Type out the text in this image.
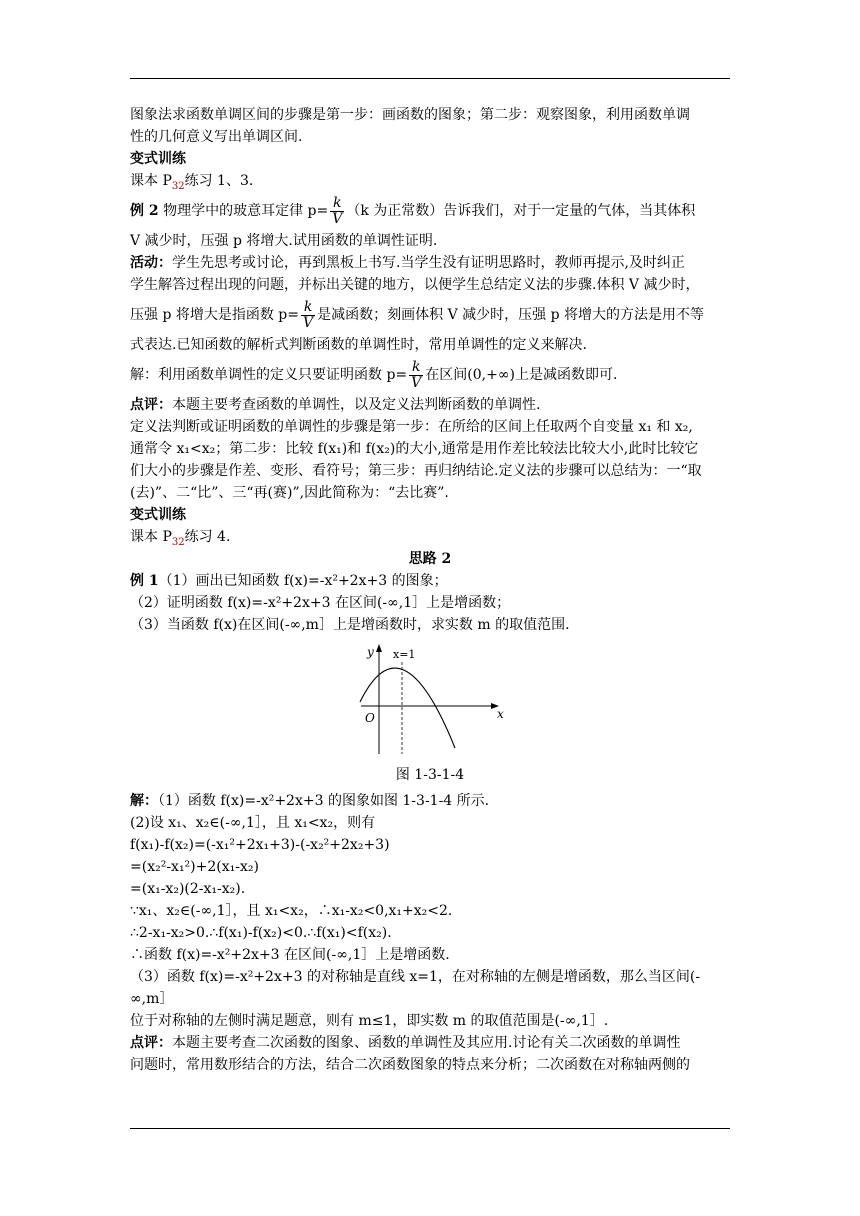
图象法求函数单调区间的步骤是第一步：画函数的图象；第二步：观察图象，利用函数单调

性的几何意义写出单调区间.

变式训练

课本 $P_{32}$练习 1、3.

例 2 物理学中的玻意耳定律 $p= \frac{k}{V} (k$ 为正常数）告诉我们，对于一定量的气体，当其体积

V 减少时，压强 p 将增大.试用函数的单调性证明.

活动：学生先思考或讨论，再到黑板上书写.当学生没有证明思路时，教师再提示,及时纠正

学生解答过程出现的问题，并标出关键的地方，以便学生总结定义法的步骤.体积 V 减少时，

压强 p 将增大是指函数 $p= \frac{k}{V}$ 是减函数；刻画体积 V 减少时，压强 p 将增大的方法是用不等

式表达.已知函数的解析式判断函数的单调性时，常用单调性的定义来解决.

解：利用函数单调性的定义只要证明函数 $p= \frac{k}{V}$ 在区间(0,+∞)上是减函数即可.

点评：本题主要考查函数的单调性，以及定义法判断函数的单调性.

定义法判断或证明函数的单调性的步骤是第一步：在所给的区间上任取两个自变量 x₁ 和 x₂,

通常令 x₁<x₂；第二步：比较 f(x₁)和 f(x₂)的大小,通常是用作差比较法比较大小,此时比较它

们大小的步骤是作差、变形、看符号；第三步：再归纳结论.定义法的步骤可以总结为：一“取

(去)”、二“比”、三“再(赛)”,因此简称为：“去比赛”.

变式训练

课本 $P_{32}$练习 4.

思路 2

例 1（1）画出已知函数 f(x)=-x²+2x+3 的图象；

（2）证明函数 f(x)=-x²+2x+3 在区间(-∞,1］上是增函数；

（3）当函数 f(x)在区间(-∞,m］上是增函数时，求实数 m 的取值范围.

y
x
O
x=1

图 1-3-1-4

解：（1）函数 f(x)=-x²+2x+3 的图象如图 1-3-1-4 所示.

(2)设 x₁、x₂∈(-∞,1］，且 x₁<x₂，则有

f(x₁)-f(x₂)=(-x₁²+2x₁+3)-(-x₂²+2x₂+3)

=(x₂²-x₁²)+2(x₁-x₂)

=(x₁-x₂)(2-x₁-x₂).

∵x₁、x₂∈(-∞,1］，且 x₁<x₂，∴x₁-x₂<0,x₁+x₂<2.

∴2-x₁-x₂>0.∴f(x₁)-f(x₂)<0.∴f(x₁)<f(x₂).

∴函数 f(x)=-x²+2x+3 在区间(-∞,1］上是增函数.

（3）函数 f(x)=-x²+2x+3 的对称轴是直线 x=1，在对称轴的左侧是增函数，那么当区间(-∞,m］

位于对称轴的左侧时满足题意，则有 m≤1，即实数 m 的取值范围是(-∞,1］.

点评：本题主要考查二次函数的图象、函数的单调性及其应用.讨论有关二次函数的单调性

问题时，常用数形结合的方法，结合二次函数图象的特点来分析；二次函数在对称轴两侧的
